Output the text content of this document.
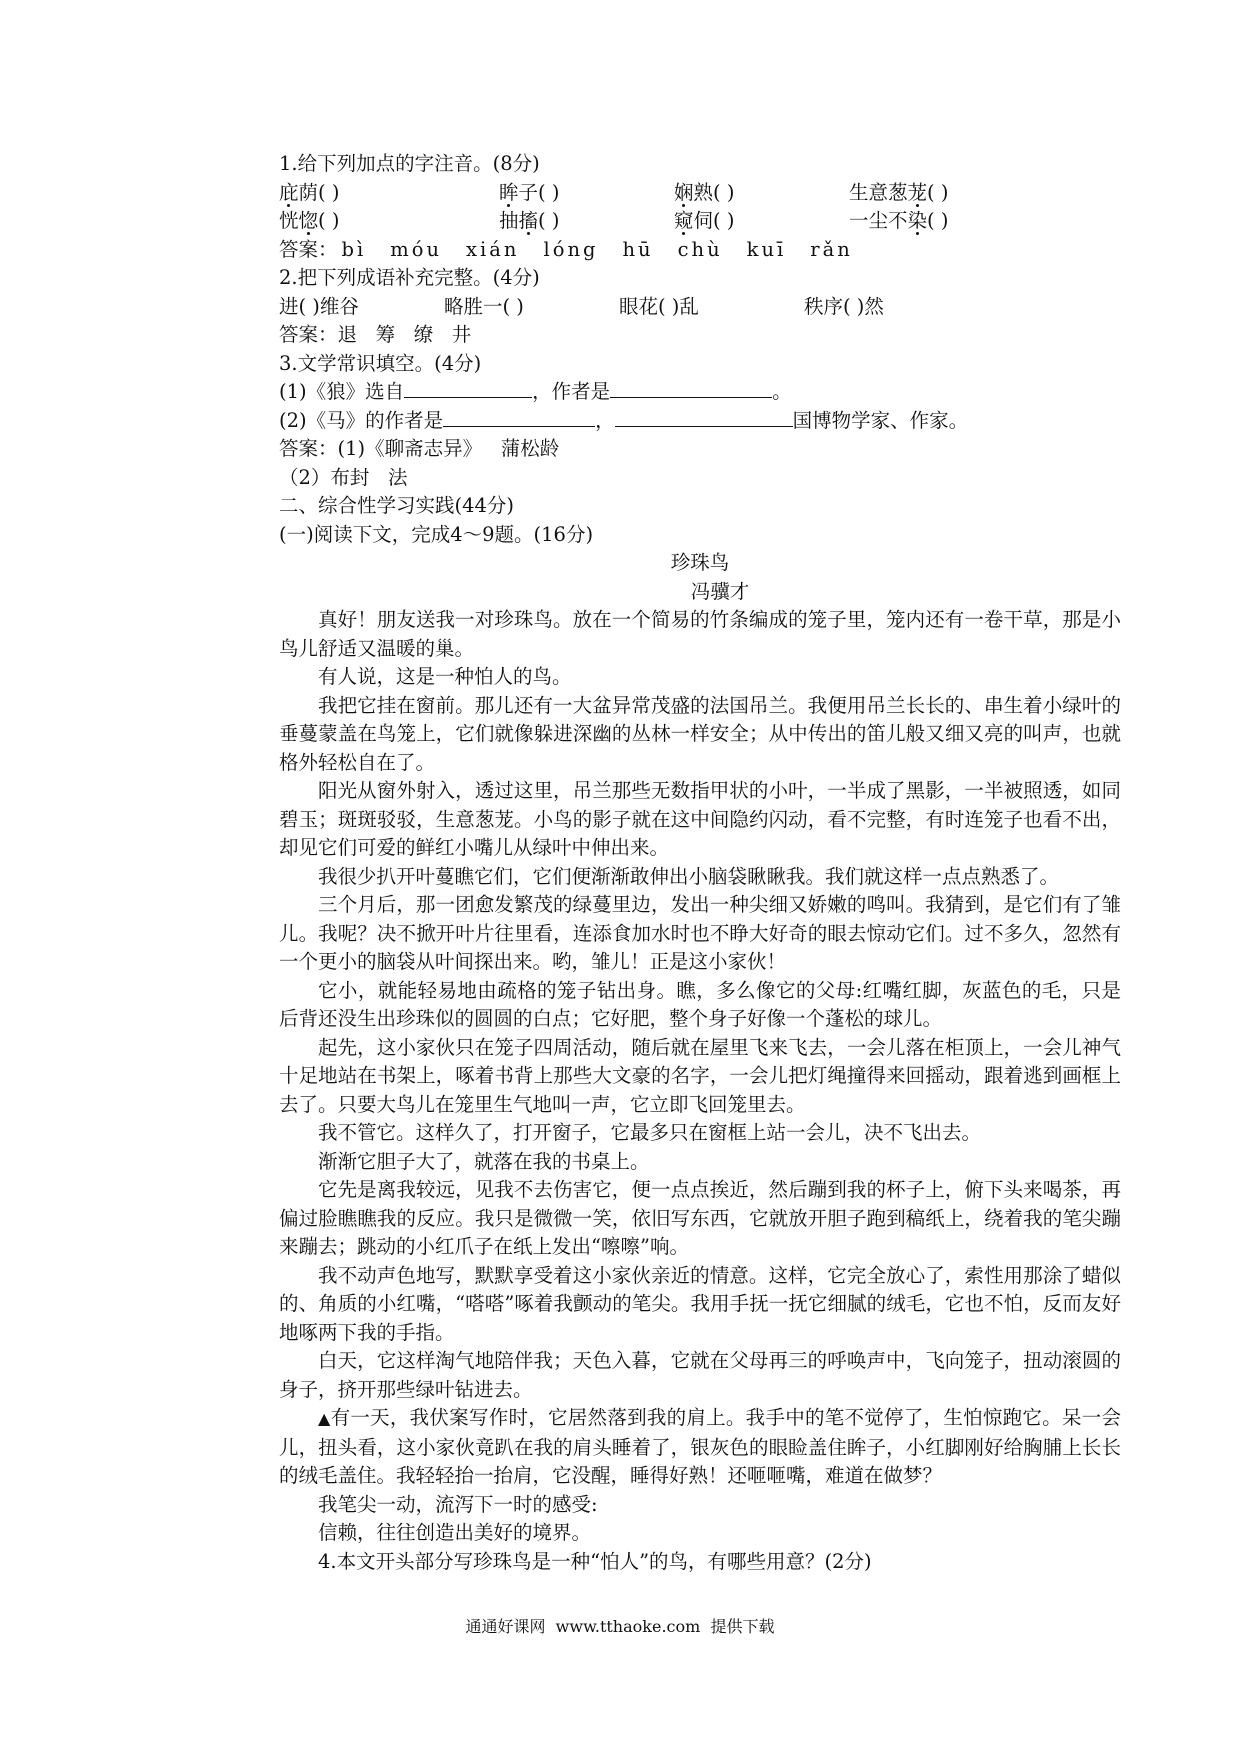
1.给下列加点的字注音。(8分)
庇荫( )	眸子( )	娴熟( )	生意葱茏( )
恍惚( )	抽搐( )	窥伺( )	一尘不染( )
答案： bì móu xián lóng hū chù kuī rǎn
2.把下列成语补充完整。(4分)
进( )维谷	略胜一( )	眼花( )乱	秩序( )然
答案：退   筹   缭   井
3.文学常识填空。(4分)
(1)《狼》选自	，作者是	。
(2)《马》的作者是	，	国博物学家、作家。
答案：(1)《聊斋志异》   蒲松龄
（2）布封   法
二、综合性学习实践(44分)
(一)阅读下文，完成4～9题。(16分)
珍珠鸟
冯骥才
真好！朋友送我一对珍珠鸟。放在一个简易的竹条编成的笼子里，笼内还有一卷干草，那是小鸟儿舒适又温暖的巢。
有人说，这是一种怕人的鸟。
我把它挂在窗前。那儿还有一大盆异常茂盛的法国吊兰。我便用吊兰长长的、串生着小绿叶的垂蔓蒙盖在鸟笼上，它们就像躲进深幽的丛林一样安全；从中传出的笛儿般又细又亮的叫声，也就格外轻松自在了。
阳光从窗外射入，透过这里，吊兰那些无数指甲状的小叶，一半成了黑影，一半被照透，如同碧玉；斑斑驳驳，生意葱茏。小鸟的影子就在这中间隐约闪动，看不完整，有时连笼子也看不出，却见它们可爱的鲜红小嘴儿从绿叶中伸出来。
我很少扒开叶蔓瞧它们，它们便渐渐敢伸出小脑袋瞅瞅我。我们就这样一点点熟悉了。
三个月后，那一团愈发繁茂的绿蔓里边，发出一种尖细又娇嫩的鸣叫。我猜到，是它们有了雏儿。我呢？决不掀开叶片往里看，连添食加水时也不睁大好奇的眼去惊动它们。过不多久，忽然有一个更小的脑袋从叶间探出来。哟，雏儿！正是这小家伙！
它小，就能轻易地由疏格的笼子钻出身。瞧，多么像它的父母:红嘴红脚，灰蓝色的毛，只是后背还没生出珍珠似的圆圆的白点；它好肥，整个身子好像一个蓬松的球儿。
起先，这小家伙只在笼子四周活动，随后就在屋里飞来飞去，一会儿落在柜顶上，一会儿神气十足地站在书架上，啄着书背上那些大文豪的名字，一会儿把灯绳撞得来回摇动，跟着逃到画框上去了。只要大鸟儿在笼里生气地叫一声，它立即飞回笼里去。
我不管它。这样久了，打开窗子，它最多只在窗框上站一会儿，决不飞出去。
渐渐它胆子大了，就落在我的书桌上。
它先是离我较远，见我不去伤害它，便一点点挨近，然后蹦到我的杯子上，俯下头来喝茶，再偏过脸瞧瞧我的反应。我只是微微一笑，依旧写东西，它就放开胆子跑到稿纸上，绕着我的笔尖蹦来蹦去；跳动的小红爪子在纸上发出“嚓嚓”响。
我不动声色地写，默默享受着这小家伙亲近的情意。这样，它完全放心了，索性用那涂了蜡似的、角质的小红嘴，“嗒嗒”啄着我颤动的笔尖。我用手抚一抚它细腻的绒毛，它也不怕，反而友好地啄两下我的手指。
白天，它这样淘气地陪伴我；天色入暮，它就在父母再三的呼唤声中，飞向笼子，扭动滚圆的身子，挤开那些绿叶钻进去。
▲有一天，我伏案写作时，它居然落到我的肩上。我手中的笔不觉停了，生怕惊跑它。呆一会儿，扭头看，这小家伙竟趴在我的肩头睡着了，银灰色的眼睑盖住眸子，小红脚刚好给胸脯上长长的绒毛盖住。我轻轻抬一抬肩，它没醒，睡得好熟！还咂咂嘴，难道在做梦？
我笔尖一动，流泻下一时的感受:
信赖，往往创造出美好的境界。
4.本文开头部分写珍珠鸟是一种“怕人”的鸟，有哪些用意？(2分)
通通好课网  www.tthaoke.com  提供下载
